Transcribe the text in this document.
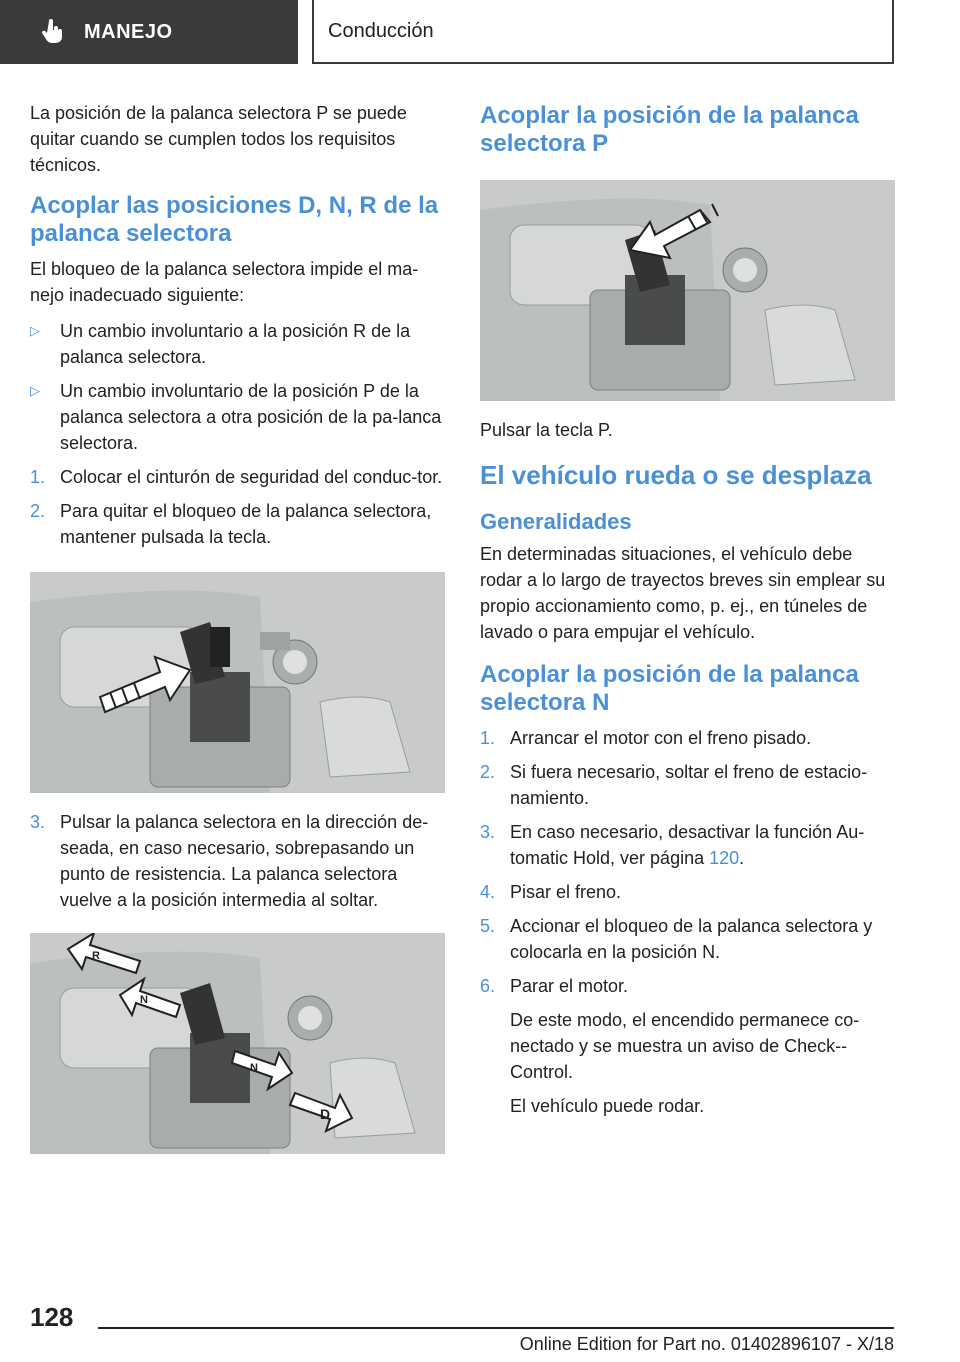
MANEJO	Conducción

La posición de la palanca selectora P se puede quitar cuando se cumplen todos los requisitos técnicos.

Acoplar las posiciones D, N, R de la palanca selectora

El bloqueo de la palanca selectora impide el ma-nejo inadecuado siguiente:

▷	Un cambio involuntario a la posición R de la palanca selectora.
▷	Un cambio involuntario de la posición P de la palanca selectora a otra posición de la pa-lanca selectora.
1. Colocar el cinturón de seguridad del conduc-tor.
2. Para quitar el bloqueo de la palanca selectora, mantener pulsada la tecla.
3. Pulsar la palanca selectora en la dirección de-seada, en caso necesario, sobrepasando un punto de resistencia. La palanca selectora vuelve a la posición intermedia al soltar.
R
N
N
D
Acoplar la posición de la palanca selectora P

Pulsar la tecla P.

El vehículo rueda o se desplaza
Generalidades

En determinadas situaciones, el vehículo debe rodar a lo largo de trayectos breves sin emplear su propio accionamiento como, p. ej., en túneles de lavado o para empujar el vehículo.

Acoplar la posición de la palanca selectora N
1. Arrancar el motor con el freno pisado.
2. Si fuera necesario, soltar el freno de estacio-namiento.
3. En caso necesario, desactivar la función Au-tomatic Hold, ver página 120.
4. Pisar el freno.
5. Accionar el bloqueo de la palanca selectora y colocarla en la posición N.
6. Parar el motor.
De este modo, el encendido permanece co-nectado y se muestra un aviso de Check--Control.
El vehículo puede rodar.
128
Online Edition for Part no. 01402896107 - X/18
